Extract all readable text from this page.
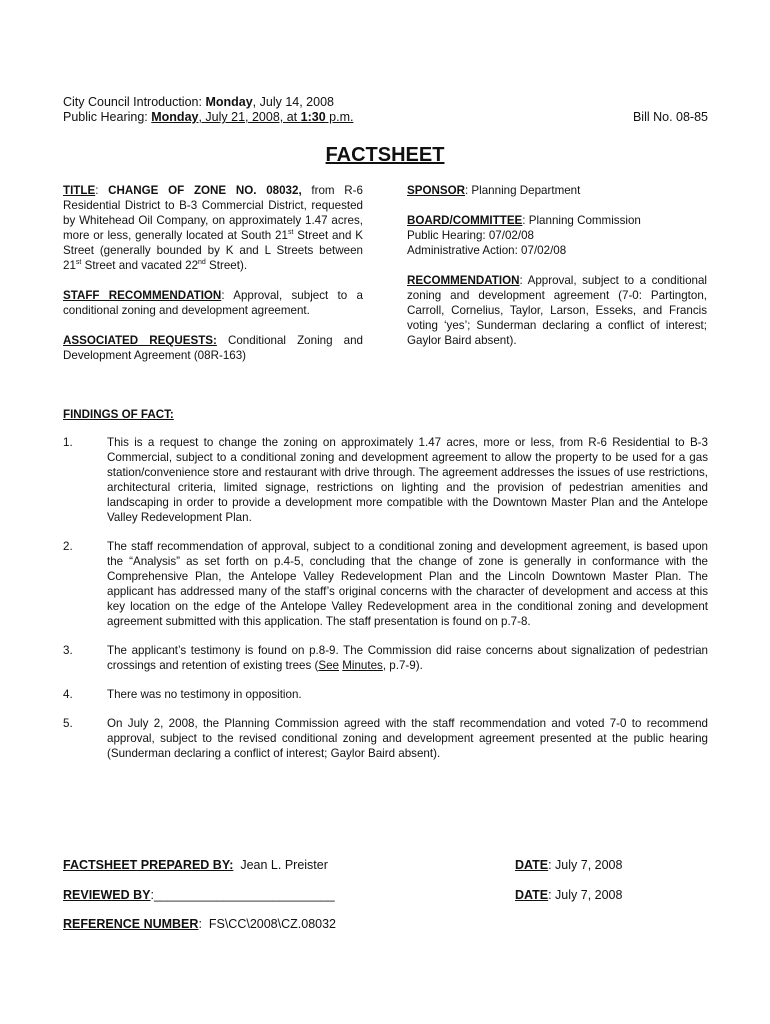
City Council Introduction: Monday, July 14, 2008
Public Hearing: Monday, July 21, 2008, at 1:30 p.m.	Bill No. 08-85
FACTSHEET
TITLE: CHANGE OF ZONE NO. 08032, from R-6 Residential District to B-3 Commercial District, requested by Whitehead Oil Company, on approximately 1.47 acres, more or less, generally located at South 21st Street and K Street (generally bounded by K and L Streets between 21st Street and vacated 22nd Street).
STAFF RECOMMENDATION: Approval, subject to a conditional zoning and development agreement.
ASSOCIATED REQUESTS: Conditional Zoning and Development Agreement (08R-163)
SPONSOR: Planning Department
BOARD/COMMITTEE: Planning Commission
Public Hearing: 07/02/08
Administrative Action: 07/02/08
RECOMMENDATION: Approval, subject to a conditional zoning and development agreement (7-0: Partington, Carroll, Cornelius, Taylor, Larson, Esseks, and Francis voting ‘yes’; Sunderman declaring a conflict of interest; Gaylor Baird absent).
FINDINGS OF FACT:
1.	This is a request to change the zoning on approximately 1.47 acres, more or less, from R-6 Residential to B-3 Commercial, subject to a conditional zoning and development agreement to allow the property to be used for a gas station/convenience store and restaurant with drive through. The agreement addresses the issues of use restrictions, architectural criteria, limited signage, restrictions on lighting and the provision of pedestrian amenities and landscaping in order to provide a development more compatible with the Downtown Master Plan and the Antelope Valley Redevelopment Plan.
2.	The staff recommendation of approval, subject to a conditional zoning and development agreement, is based upon the “Analysis” as set forth on p.4-5, concluding that the change of zone is generally in conformance with the Comprehensive Plan, the Antelope Valley Redevelopment Plan and the Lincoln Downtown Master Plan. The applicant has addressed many of the staff’s original concerns with the character of development and access at this key location on the edge of the Antelope Valley Redevelopment area in the conditional zoning and development agreement submitted with this application. The staff presentation is found on p.7-8.
3.	The applicant’s testimony is found on p.8-9. The Commission did raise concerns about signalization of pedestrian crossings and retention of existing trees (See Minutes, p.7-9).
4.	There was no testimony in opposition.
5.	On July 2, 2008, the Planning Commission agreed with the staff recommendation and voted 7-0 to recommend approval, subject to the revised conditional zoning and development agreement presented at the public hearing (Sunderman declaring a conflict of interest; Gaylor Baird absent).
FACTSHEET PREPARED BY:  Jean L. Preister	DATE: July 7, 2008
REVIEWED BY:__________________________	DATE: July 7, 2008
REFERENCE NUMBER:  FS\CC\2008\CZ.08032
